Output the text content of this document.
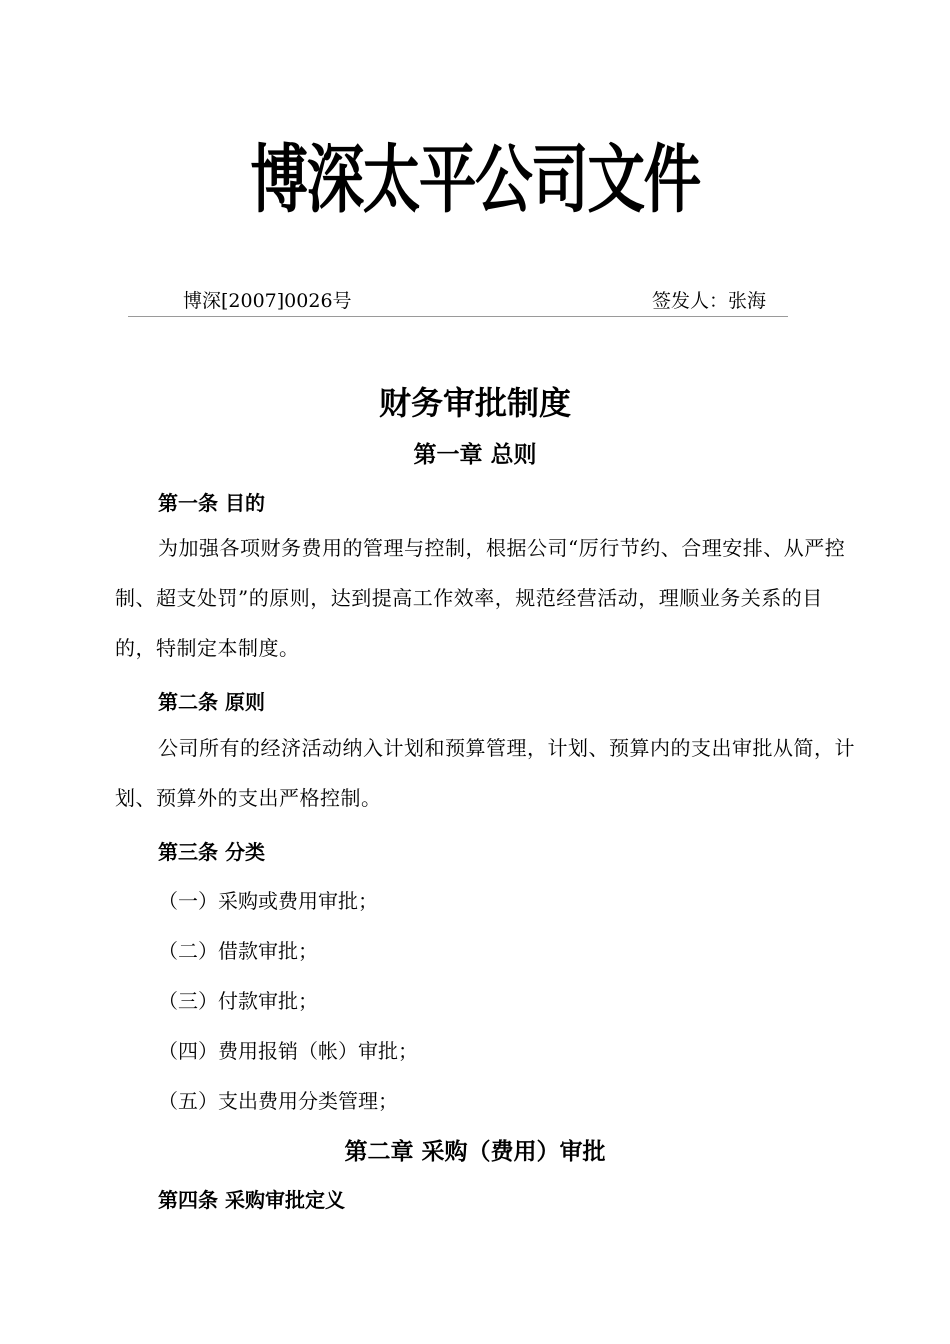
博深太平公司文件
博深[2007]0026号	签发人：张海
财务审批制度
第一章 总则
第一条 目的
为加强各项财务费用的管理与控制，根据公司“厉行节约、合理安排、从严控制、超支处罚”的原则，达到提高工作效率，规范经营活动，理顺业务关系的目的，特制定本制度。
第二条 原则
公司所有的经济活动纳入计划和预算管理，计划、预算内的支出审批从简，计划、预算外的支出严格控制。
第三条 分类
（一）采购或费用审批；
（二）借款审批；
（三）付款审批；
（四）费用报销（帐）审批；
（五）支出费用分类管理；
第二章 采购（费用）审批
第四条 采购审批定义
